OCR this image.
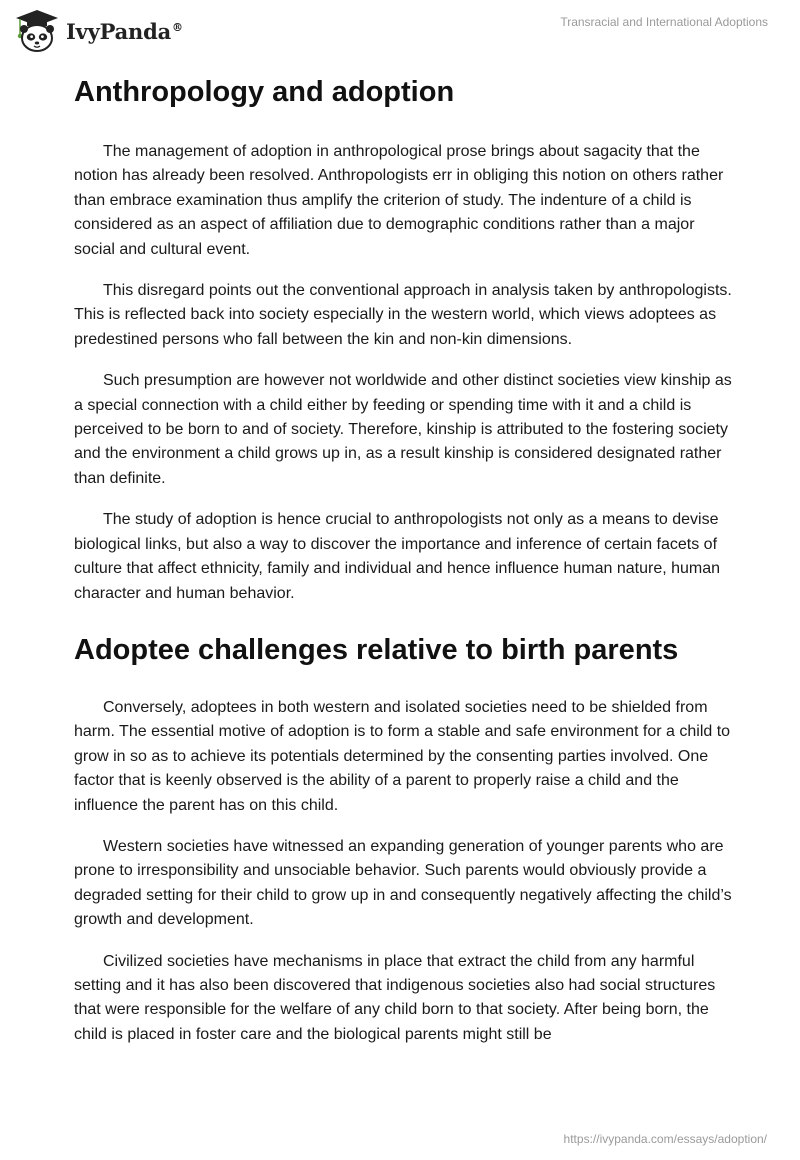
IvyPanda®	Transracial and International Adoptions
Anthropology and adoption

The management of adoption in anthropological prose brings about sagacity that the notion has already been resolved. Anthropologists err in obliging this notion on others rather than embrace examination thus amplify the criterion of study. The indenture of a child is considered as an aspect of affiliation due to demographic conditions rather than a major social and cultural event.

This disregard points out the conventional approach in analysis taken by anthropologists. This is reflected back into society especially in the western world, which views adoptees as predestined persons who fall between the kin and non-kin dimensions.

Such presumption are however not worldwide and other distinct societies view kinship as a special connection with a child either by feeding or spending time with it and a child is perceived to be born to and of society. Therefore, kinship is attributed to the fostering society and the environment a child grows up in, as a result kinship is considered designated rather than definite.

The study of adoption is hence crucial to anthropologists not only as a means to devise biological links, but also a way to discover the importance and inference of certain facets of culture that affect ethnicity, family and individual and hence influence human nature, human character and human behavior.

Adoptee challenges relative to birth parents

Conversely, adoptees in both western and isolated societies need to be shielded from harm. The essential motive of adoption is to form a stable and safe environment for a child to grow in so as to achieve its potentials determined by the consenting parties involved. One factor that is keenly observed is the ability of a parent to properly raise a child and the influence the parent has on this child.

Western societies have witnessed an expanding generation of younger parents who are prone to irresponsibility and unsociable behavior. Such parents would obviously provide a degraded setting for their child to grow up in and consequently negatively affecting the child’s growth and development.

Civilized societies have mechanisms in place that extract the child from any harmful setting and it has also been discovered that indigenous societies also had social structures that were responsible for the welfare of any child born to that society. After being born, the child is placed in foster care and the biological parents might still be

https://ivypanda.com/essays/adoption/
